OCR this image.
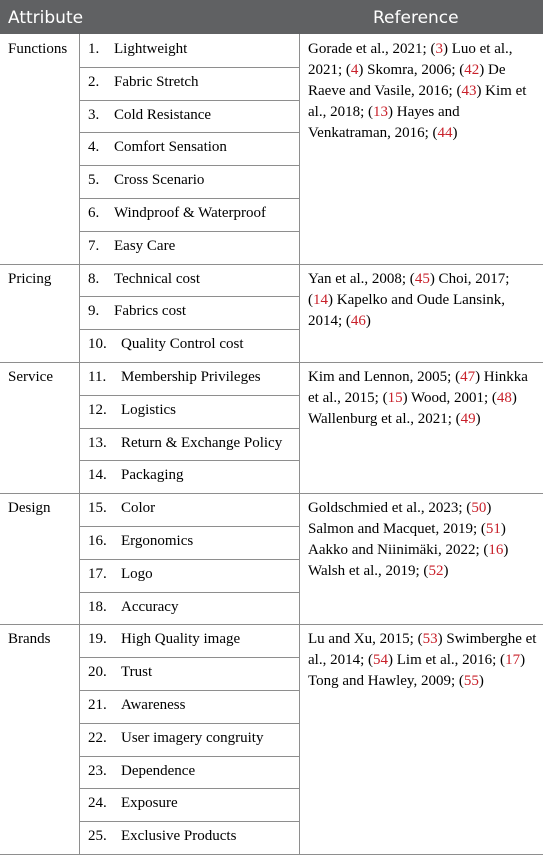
Attribute	Reference
Functions 1. Lightweight
2. Fabric Stretch
3. Cold Resistance
4. Comfort Sensation
5. Cross Scenario
6. Windproof & Waterproof
7. Easy Care
Gorade et al., 2021; (3) Luo et al., 2021; (4) Skomra, 2006; (42) De Raeve and Vasile, 2016; (43) Kim et al., 2018; (13) Hayes and Venkatraman, 2016; (44)
Pricing 8. Technical cost
9. Fabrics cost
10. Quality Control cost
Yan et al., 2008; (45) Choi, 2017; (14) Kapelko and Oude Lansink, 2014; (46)
Service 11. Membership Privileges
12. Logistics
13. Return & Exchange Policy
14. Packaging
Kim and Lennon, 2005; (47) Hinkka et al., 2015; (15) Wood, 2001; (48) Wallenburg et al., 2021; (49)
Design	15. Color
16. Ergonomics
17. Logo
18. Accuracy
Goldschmied et al., 2023; (50) Salmon and Macquet, 2019; (51) Aakko and Niinimäki, 2022; (16) Walsh et al., 2019; (52)
Brands	19. High Quality image
20. Trust
21. Awareness
22. User imagery congruity
23. Dependence
24. Exposure
25. Exclusive Products
Lu and Xu, 2015; (53) Swimberghe et al., 2014; (54) Lim et al., 2016; (17) Tong and Hawley, 2009; (55)
